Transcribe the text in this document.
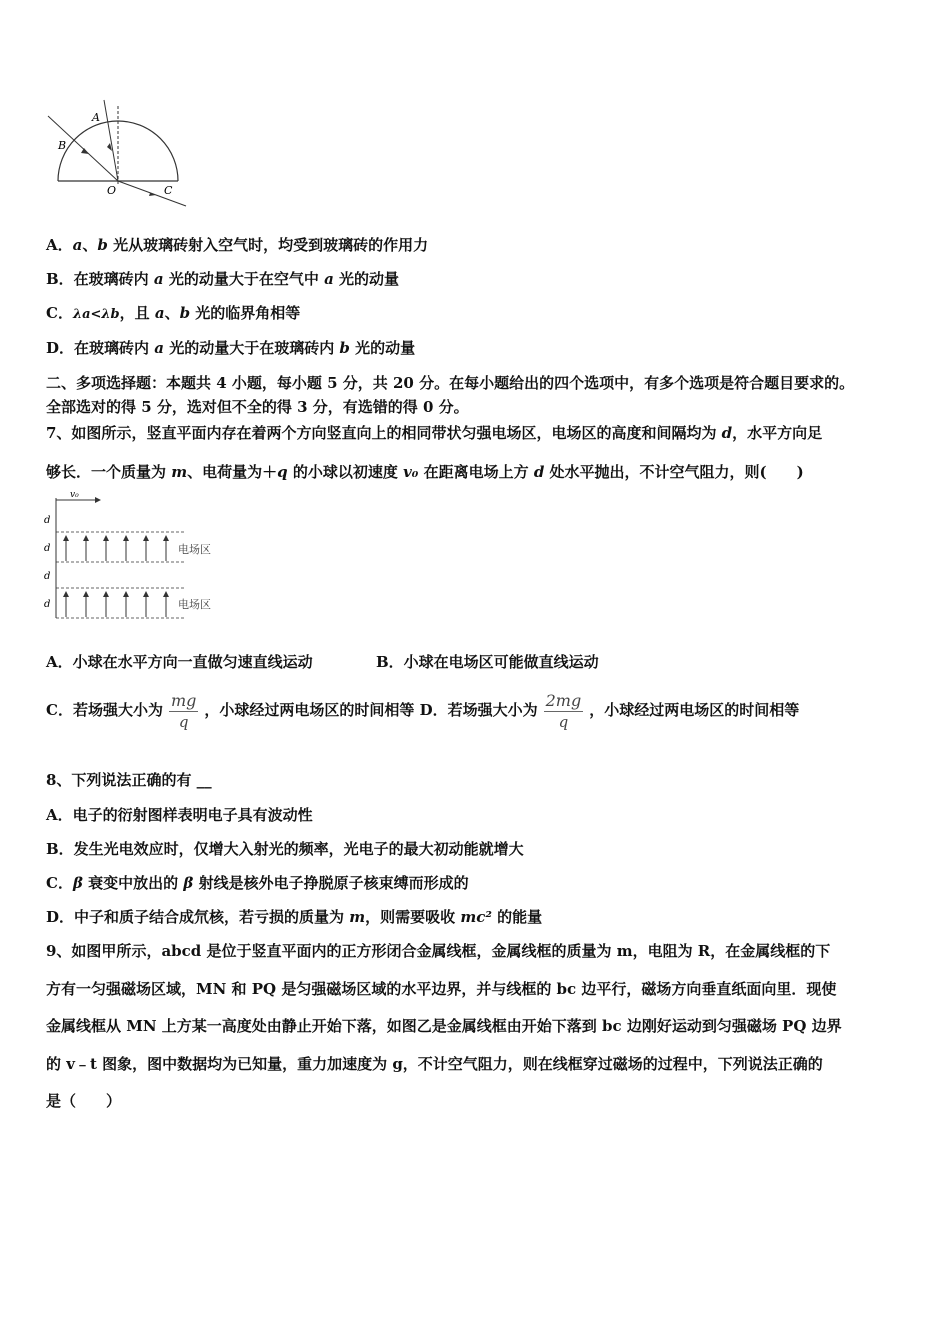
A
B
O	C
A．a、b 光从玻璃砖射入空气时，均受到玻璃砖的作用力
B．在玻璃砖内 a 光的动量大于在空气中 a 光的动量
C．λa<λb，且 a、b 光的临界角相等
D．在玻璃砖内 a 光的动量大于在玻璃砖内 b 光的动量
二、多项选择题：本题共 4 小题，每小题 5 分，共 20 分。在每小题给出的四个选项中，有多个选项是符合题目要求的。
全部选对的得 5 分，选对但不全的得 3 分，有选错的得 0 分。
7、如图所示，竖直平面内存在着两个方向竖直向上的相同带状匀强电场区，电场区的高度和间隔均为 d，水平方向足
够长．一个质量为 m、电荷量为＋q 的小球以初速度 v₀ 在距离电场上方 d 处水平抛出，不计空气阻力，则(　　)
v₀
d
d
d
d
电场区
电场区
A．小球在水平方向一直做匀速直线运动	B．小球在电场区可能做直线运动
C．若场强大小为 $\frac{mg}{q}$ ，小球经过两电场区的时间相等 D．若场强大小为 $\frac{2mg}{q}$ ，小球经过两电场区的时间相等
8、下列说法正确的有 __
A．电子的衍射图样表明电子具有波动性
B．发生光电效应时，仅增大入射光的频率，光电子的最大初动能就增大
C．β 衰变中放出的 β 射线是核外电子挣脱原子核束缚而形成的
D．中子和质子结合成氘核，若亏损的质量为 m，则需要吸收 mc² 的能量
9、如图甲所示，abcd 是位于竖直平面内的正方形闭合金属线框，金属线框的质量为 m，电阻为 R，在金属线框的下
方有一匀强磁场区域，MN 和 PQ 是匀强磁场区域的水平边界，并与线框的 bc 边平行，磁场方向垂直纸面向里．现使
金属线框从 MN 上方某一高度处由静止开始下落，如图乙是金属线框由开始下落到 bc 边刚好运动到匀强磁场 PQ 边界
的 v﹣t 图象，图中数据均为已知量，重力加速度为 g，不计空气阻力，则在线框穿过磁场的过程中，下列说法正确的
是（　　）
